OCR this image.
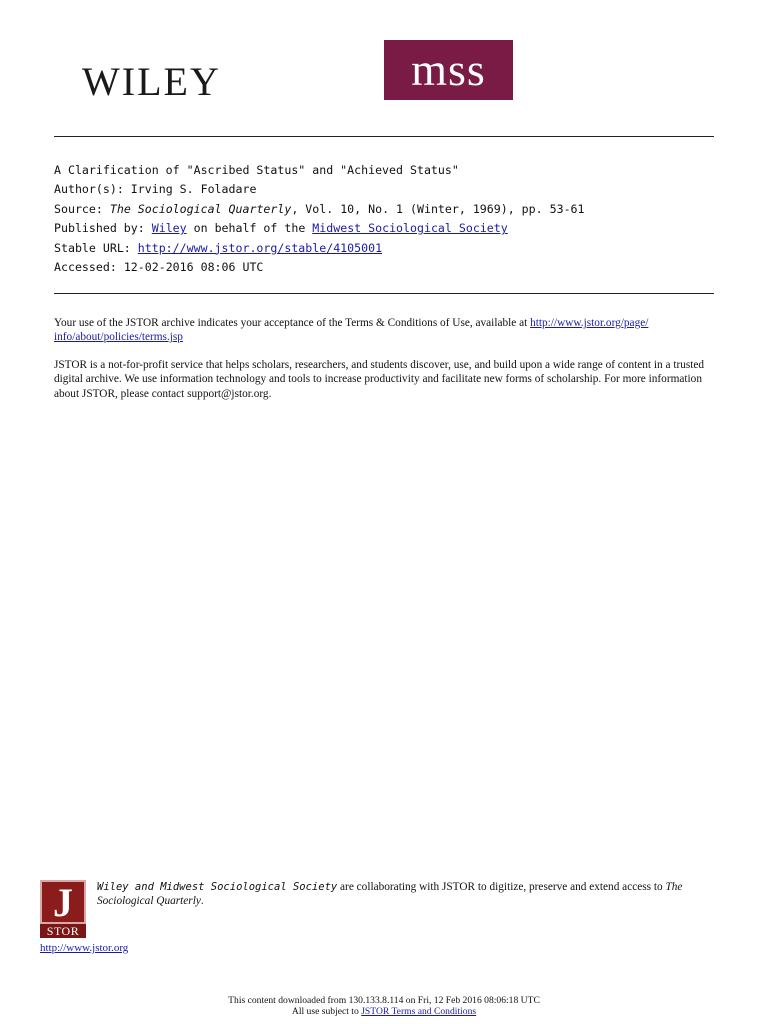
WILEY	mss
A Clarification of "Ascribed Status" and "Achieved Status"
Author(s): Irving S. Foladare
Source: The Sociological Quarterly, Vol. 10, No. 1 (Winter, 1969), pp. 53-61
Published by: Wiley on behalf of the Midwest Sociological Society
Stable URL: http://www.jstor.org/stable/4105001
Accessed: 12-02-2016 08:06 UTC
Your use of the JSTOR archive indicates your acceptance of the Terms & Conditions of Use, available at http://www.jstor.org/page/
info/about/policies/terms.jsp
JSTOR is a not-for-profit service that helps scholars, researchers, and students discover, use, and build upon a wide range of content in a trusted digital archive. We use information technology and tools to increase productivity and facilitate new forms of scholarship. For more information about JSTOR, please contact support@jstor.org.
J
STOR
Wiley and Midwest Sociological Society are collaborating with JSTOR to digitize, preserve and extend access to The Sociological Quarterly.
http://www.jstor.org
This content downloaded from 130.133.8.114 on Fri, 12 Feb 2016 08:06:18 UTC
All use subject to JSTOR Terms and Conditions
